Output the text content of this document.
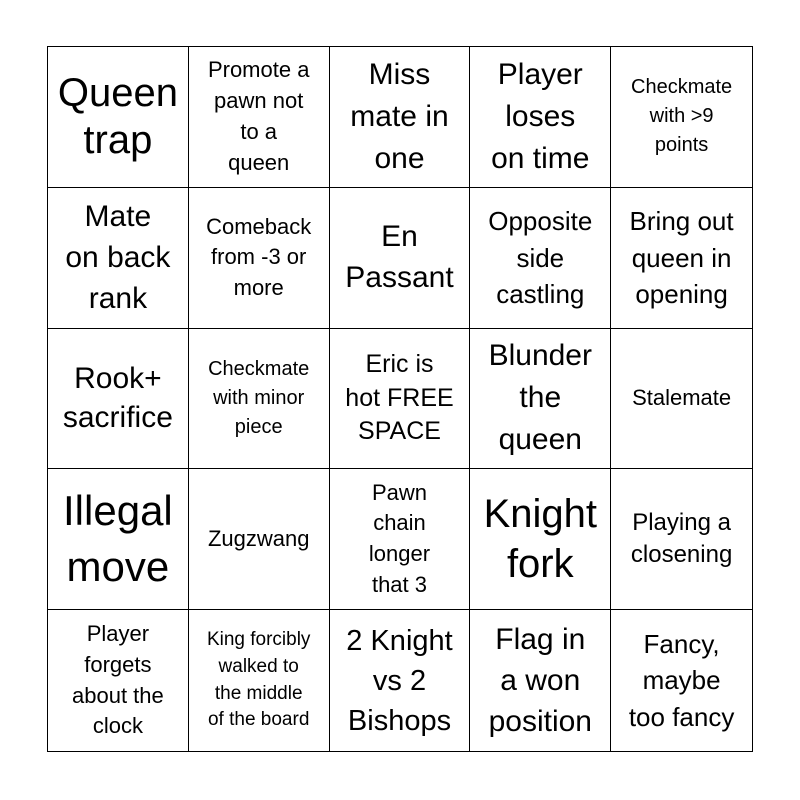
Queen
trap
Promote a
pawn not
to a
queen
Miss
mate in
one
Player
loses
on time
Checkmate
with >9
points
Mate
on back
rank
Comeback
from -3 or
more
En
Passant
Opposite
side
castling
Bring out
queen in
opening
Rook+
sacrifice
Checkmate
with minor
piece
Eric is
hot FREE
SPACE
Blunder
the
queen
Stalemate
Illegal
move
Zugzwang
Pawn
chain
longer
that 3
Knight
fork
Playing a
closening
Player
forgets
about the
clock
King forcibly
walked to
the middle
of the board
2 Knight
vs 2
Bishops
Flag in
a won
position
Fancy,
maybe
too fancy
